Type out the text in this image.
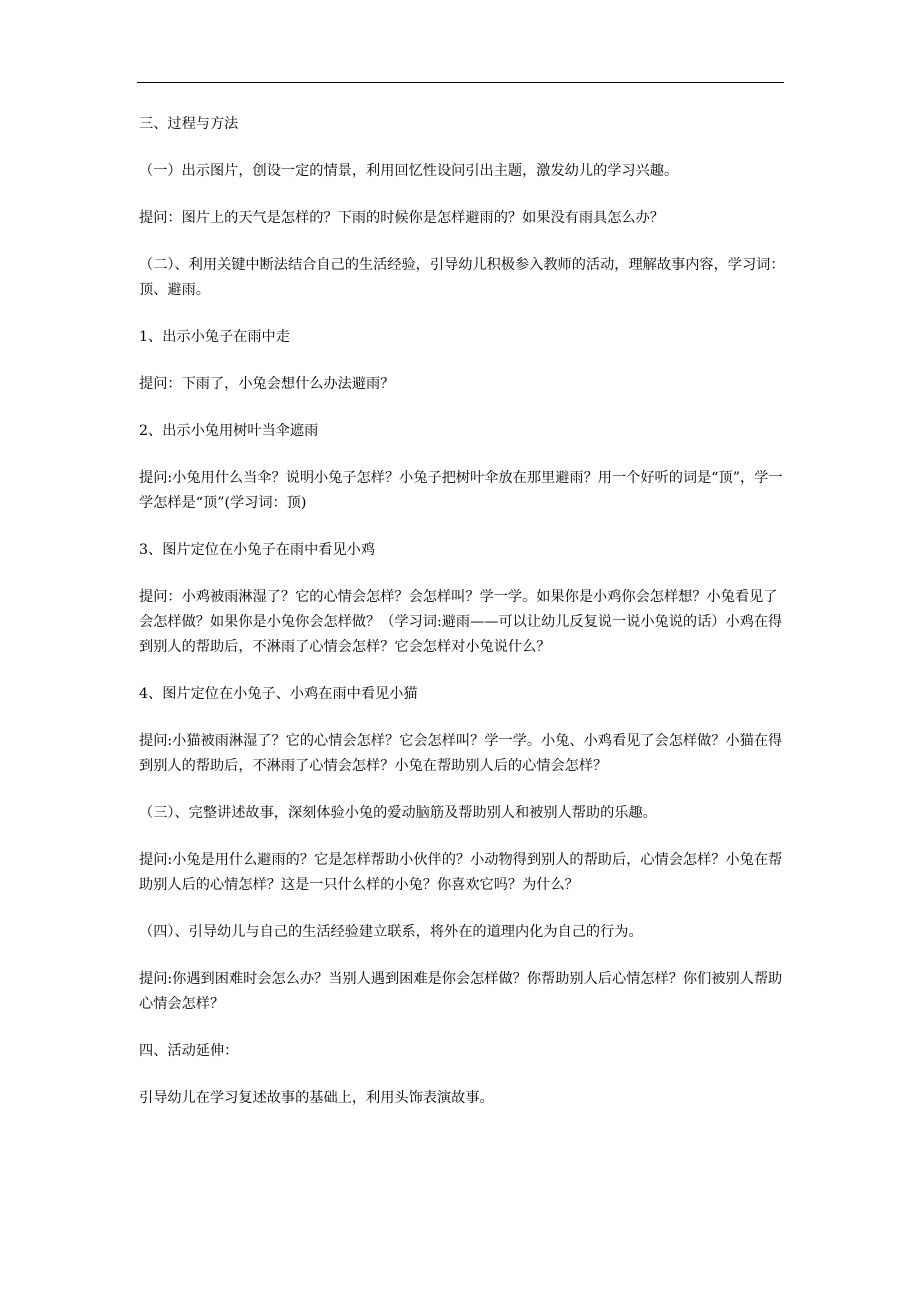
三、过程与方法

（一）出示图片，创设一定的情景，利用回忆性设问引出主题，激发幼儿的学习兴趣。

提问：图片上的天气是怎样的？下雨的时候你是怎样避雨的？如果没有雨具怎么办？

（二）、利用关键中断法结合自己的生活经验，引导幼儿积极参入教师的活动，理解故事内容，学习词：顶、避雨。

1、出示小兔子在雨中走

提问：下雨了，小兔会想什么办法避雨？

2、出示小兔用树叶当伞遮雨

提问:小兔用什么当伞？说明小兔子怎样？小兔子把树叶伞放在那里避雨？用一个好听的词是“顶”，学一学怎样是“顶”(学习词：顶)

3、图片定位在小兔子在雨中看见小鸡

提问：小鸡被雨淋湿了？它的心情会怎样？会怎样叫？学一学。如果你是小鸡你会怎样想？小兔看见了会怎样做？如果你是小兔你会怎样做？（学习词:避雨——可以让幼儿反复说一说小兔说的话）小鸡在得到别人的帮助后，不淋雨了心情会怎样？它会怎样对小兔说什么？

4、图片定位在小兔子、小鸡在雨中看见小猫

提问:小猫被雨淋湿了？它的心情会怎样？它会怎样叫？学一学。小兔、小鸡看见了会怎样做？小猫在得到别人的帮助后，不淋雨了心情会怎样？小兔在帮助别人后的心情会怎样？

（三）、完整讲述故事，深刻体验小兔的爱动脑筋及帮助别人和被别人帮助的乐趣。

提问:小兔是用什么避雨的？它是怎样帮助小伙伴的？小动物得到别人的帮助后，心情会怎样？小兔在帮助别人后的心情怎样？这是一只什么样的小兔？你喜欢它吗？为什么？

（四）、引导幼儿与自己的生活经验建立联系，将外在的道理内化为自己的行为。

提问:你遇到困难时会怎么办？当别人遇到困难是你会怎样做？你帮助别人后心情怎样？你们被别人帮助心情会怎样？

四、活动延伸：

引导幼儿在学习复述故事的基础上，利用头饰表演故事。
